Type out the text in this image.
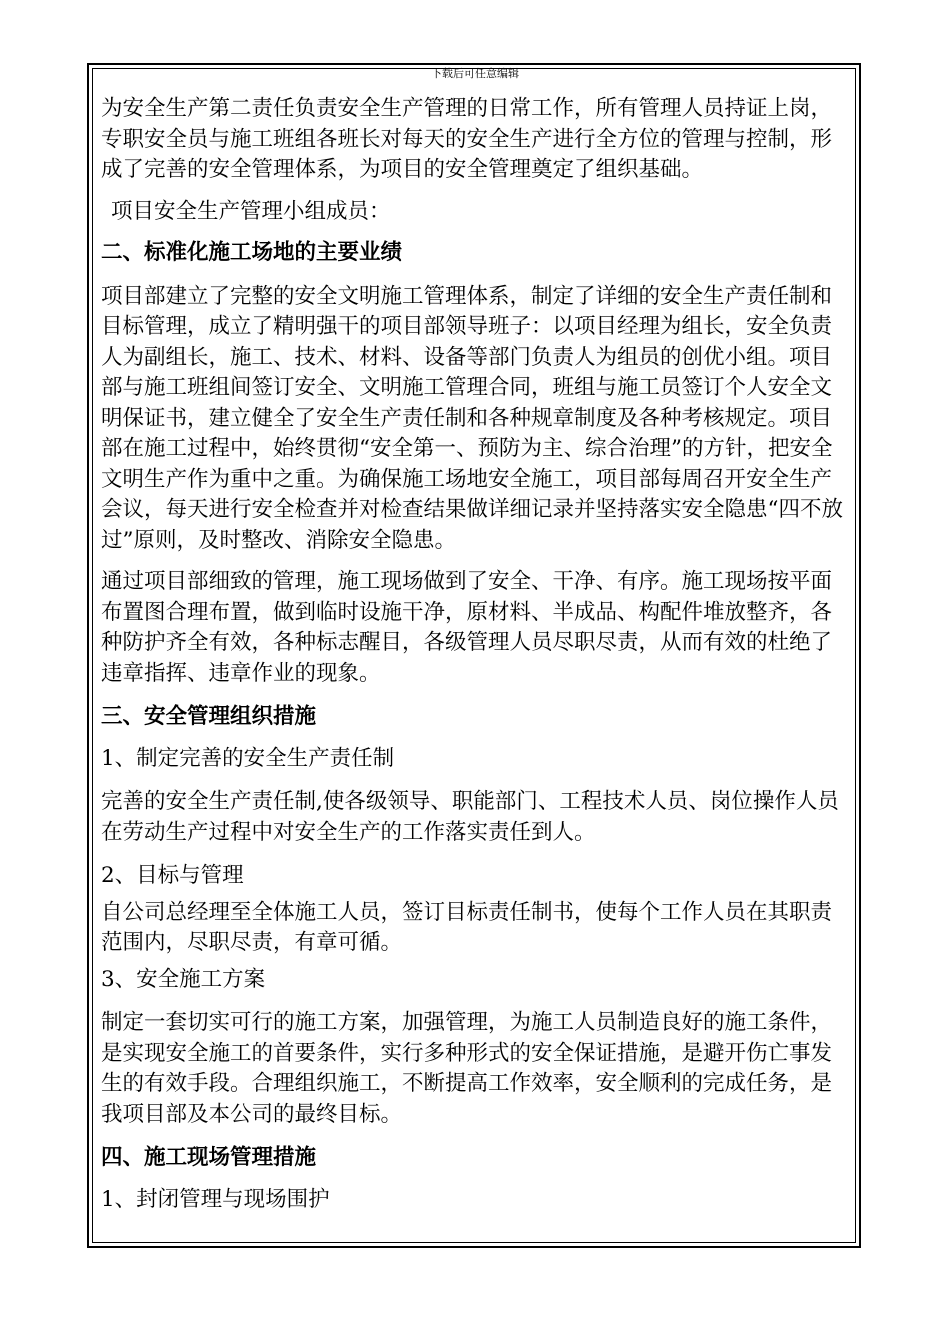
下载后可任意编辑

为安全生产第二责任负责安全生产管理的日常工作，所有管理人员持证上岗，专职安全员与施工班组各班长对每天的安全生产进行全方位的管理与控制，形成了完善的安全管理体系，为项目的安全管理奠定了组织基础。

项目安全生产管理小组成员：

二、标准化施工场地的主要业绩

项目部建立了完整的安全文明施工管理体系，制定了详细的安全生产责任制和目标管理，成立了精明强干的项目部领导班子：以项目经理为组长，安全负责人为副组长，施工、技术、材料、设备等部门负责人为组员的创优小组。项目部与施工班组间签订安全、文明施工管理合同，班组与施工员签订个人安全文明保证书，建立健全了安全生产责任制和各种规章制度及各种考核规定。项目部在施工过程中，始终贯彻“安全第一、预防为主、综合治理”的方针，把安全文明生产作为重中之重。为确保施工场地安全施工，项目部每周召开安全生产会议，每天进行安全检查并对检查结果做详细记录并坚持落实安全隐患“四不放过”原则，及时整改、消除安全隐患。

通过项目部细致的管理，施工现场做到了安全、干净、有序。施工现场按平面布置图合理布置，做到临时设施干净，原材料、半成品、构配件堆放整齐，各种防护齐全有效，各种标志醒目，各级管理人员尽职尽责，从而有效的杜绝了违章指挥、违章作业的现象。

三、安全管理组织措施

1、制定完善的安全生产责任制

完善的安全生产责任制,使各级领导、职能部门、工程技术人员、岗位操作人员在劳动生产过程中对安全生产的工作落实责任到人。

2、目标与管理

自公司总经理至全体施工人员，签订目标责任制书，使每个工作人员在其职责范围内，尽职尽责，有章可循。

3、安全施工方案

制定一套切实可行的施工方案，加强管理，为施工人员制造良好的施工条件，是实现安全施工的首要条件，实行多种形式的安全保证措施，是避开伤亡事发生的有效手段。合理组织施工，不断提高工作效率，安全顺利的完成任务，是我项目部及本公司的最终目标。

四、施工现场管理措施

1、封闭管理与现场围护
